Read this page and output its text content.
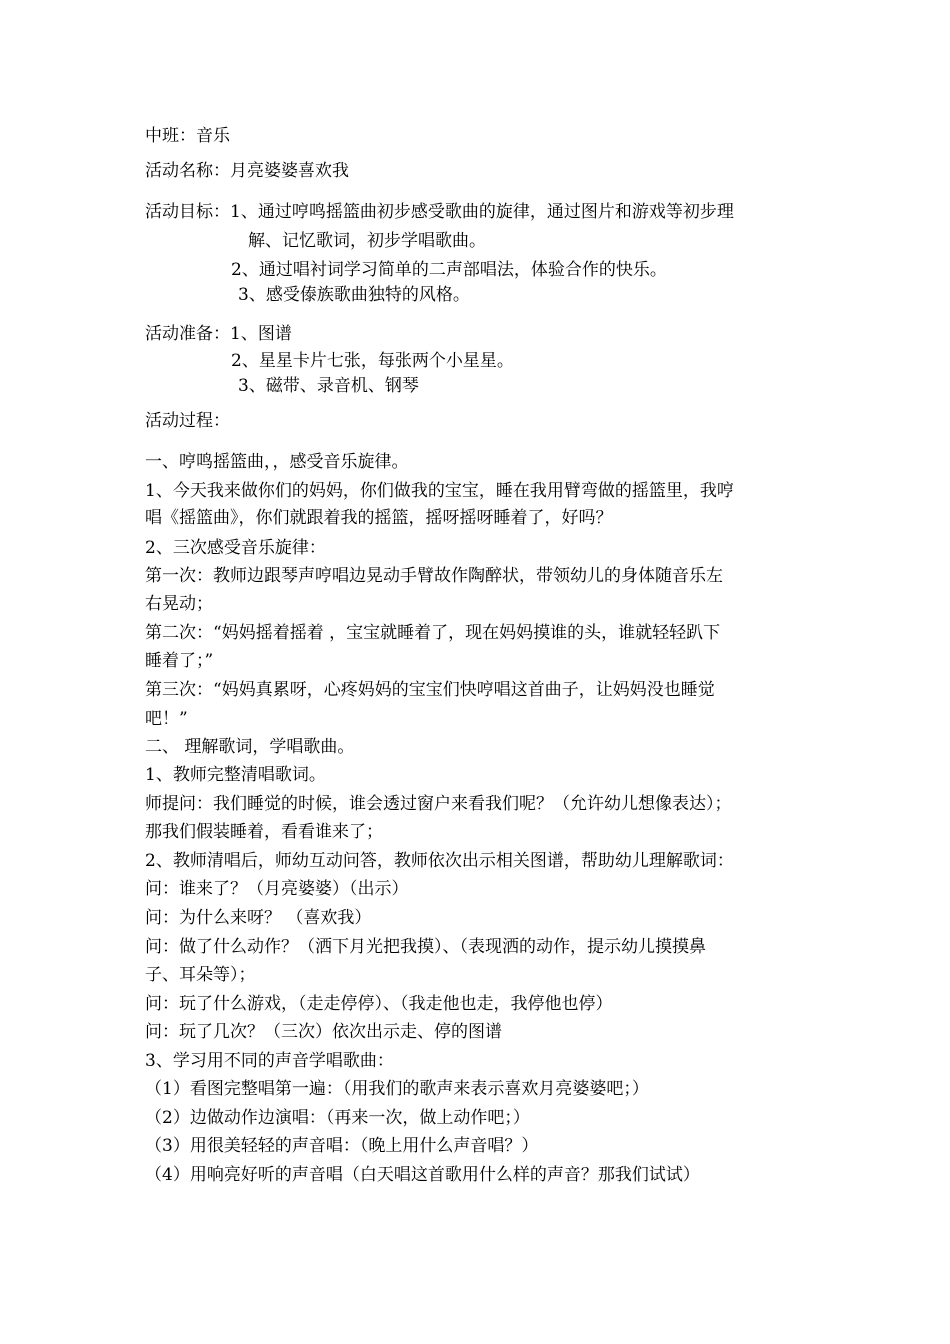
中班：音乐
活动名称：月亮婆婆喜欢我
活动目标：1、通过哼鸣摇篮曲初步感受歌曲的旋律，通过图片和游戏等初步理
解、记忆歌词，初步学唱歌曲。
2、通过唱衬词学习简单的二声部唱法，体验合作的快乐。
3、感受傣族歌曲独特的风格。
活动准备：1、图谱
2、星星卡片七张，每张两个小星星。
3、磁带、录音机、钢琴
活动过程：
一、哼鸣摇篮曲，，感受音乐旋律。
1、今天我来做你们的妈妈，你们做我的宝宝，睡在我用臂弯做的摇篮里，我哼
唱《摇篮曲》，你们就跟着我的摇篮，摇呀摇呀睡着了，好吗？
2、三次感受音乐旋律：
第一次：教师边跟琴声哼唱边晃动手臂故作陶醉状，带领幼儿的身体随音乐左
右晃动；
第二次：“妈妈摇着摇着 ，宝宝就睡着了，现在妈妈摸谁的头，谁就轻轻趴下
睡着了；”
第三次：“妈妈真累呀，心疼妈妈的宝宝们快哼唱这首曲子，让妈妈没也睡觉
吧！”
二、 理解歌词，学唱歌曲。
1、教师完整清唱歌词。
师提问：我们睡觉的时候，谁会透过窗户来看我们呢？（允许幼儿想像表达）；
那我们假装睡着，看看谁来了；
2、教师清唱后，师幼互动问答，教师依次出示相关图谱，帮助幼儿理解歌词：
问：谁来了？（月亮婆婆）（出示）
问：为什么来呀？ （喜欢我）
问：做了什么动作？（洒下月光把我摸）、（表现洒的动作，提示幼儿摸摸鼻
子、耳朵等）；
问：玩了什么游戏，（走走停停）、（我走他也走，我停他也停）
问：玩了几次？（三次）依次出示走、停的图谱
3、学习用不同的声音学唱歌曲：
（1）看图完整唱第一遍：（用我们的歌声来表示喜欢月亮婆婆吧；）
（2）边做动作边演唱：（再来一次，做上动作吧；）
（3）用很美轻轻的声音唱：（晚上用什么声音唱？）
（4）用响亮好听的声音唱（白天唱这首歌用什么样的声音？那我们试试）
